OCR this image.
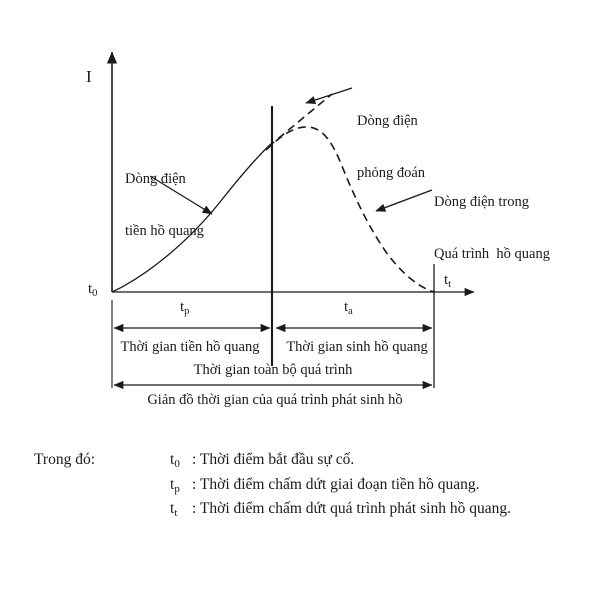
I

Dòng điện

tiền hồ quang

Dòng điện

phỏng đoán

Dòng điện trong

Quá trình  hồ quang

$t_0$
$t_t$
$t_p$	$t_a$
Thời gian tiền hồ quang	Thời gian sinh hồ quang
Thời gian toàn bộ quá trình
Giản đồ thời gian của quá trình phát sinh hồ
Trong đó:	$t_0$ : Thời điểm bắt đầu sự cố.
$t_p$ : Thời điểm chấm dứt giai đoạn tiền hồ quang.
$t_t$ : Thời điểm chấm dứt quá trình phát sinh hồ quang.
